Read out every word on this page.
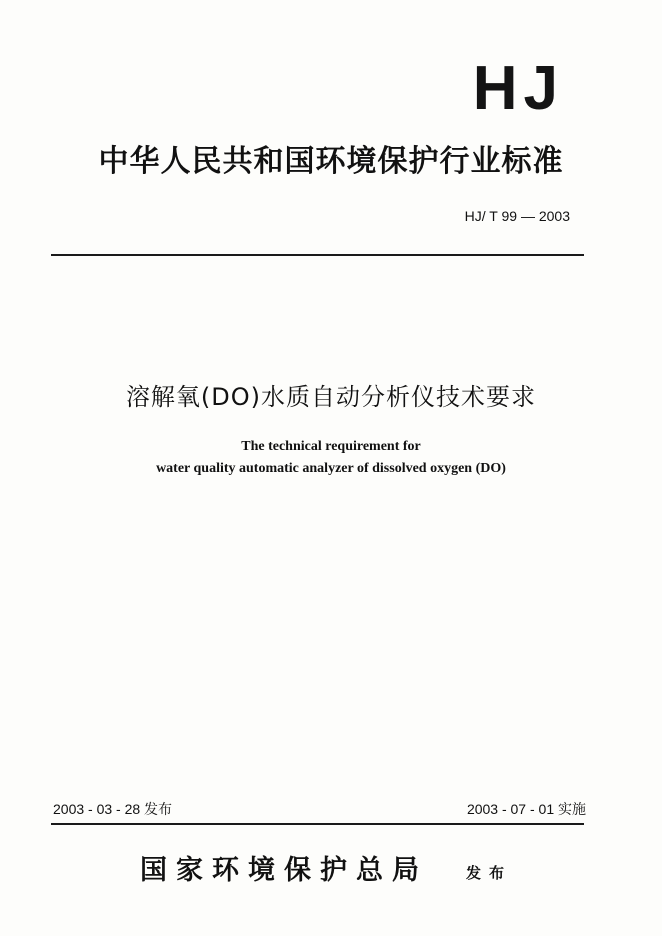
HJ
中华人民共和国环境保护行业标准
HJ/ T 99 — 2003
溶解氧(DO)水质自动分析仪技术要求
The technical requirement for
water quality automatic analyzer of dissolved oxygen (DO)
2003 - 03 - 28 发布	2003 - 07 - 01 实施
国家环境保护总局	发布
